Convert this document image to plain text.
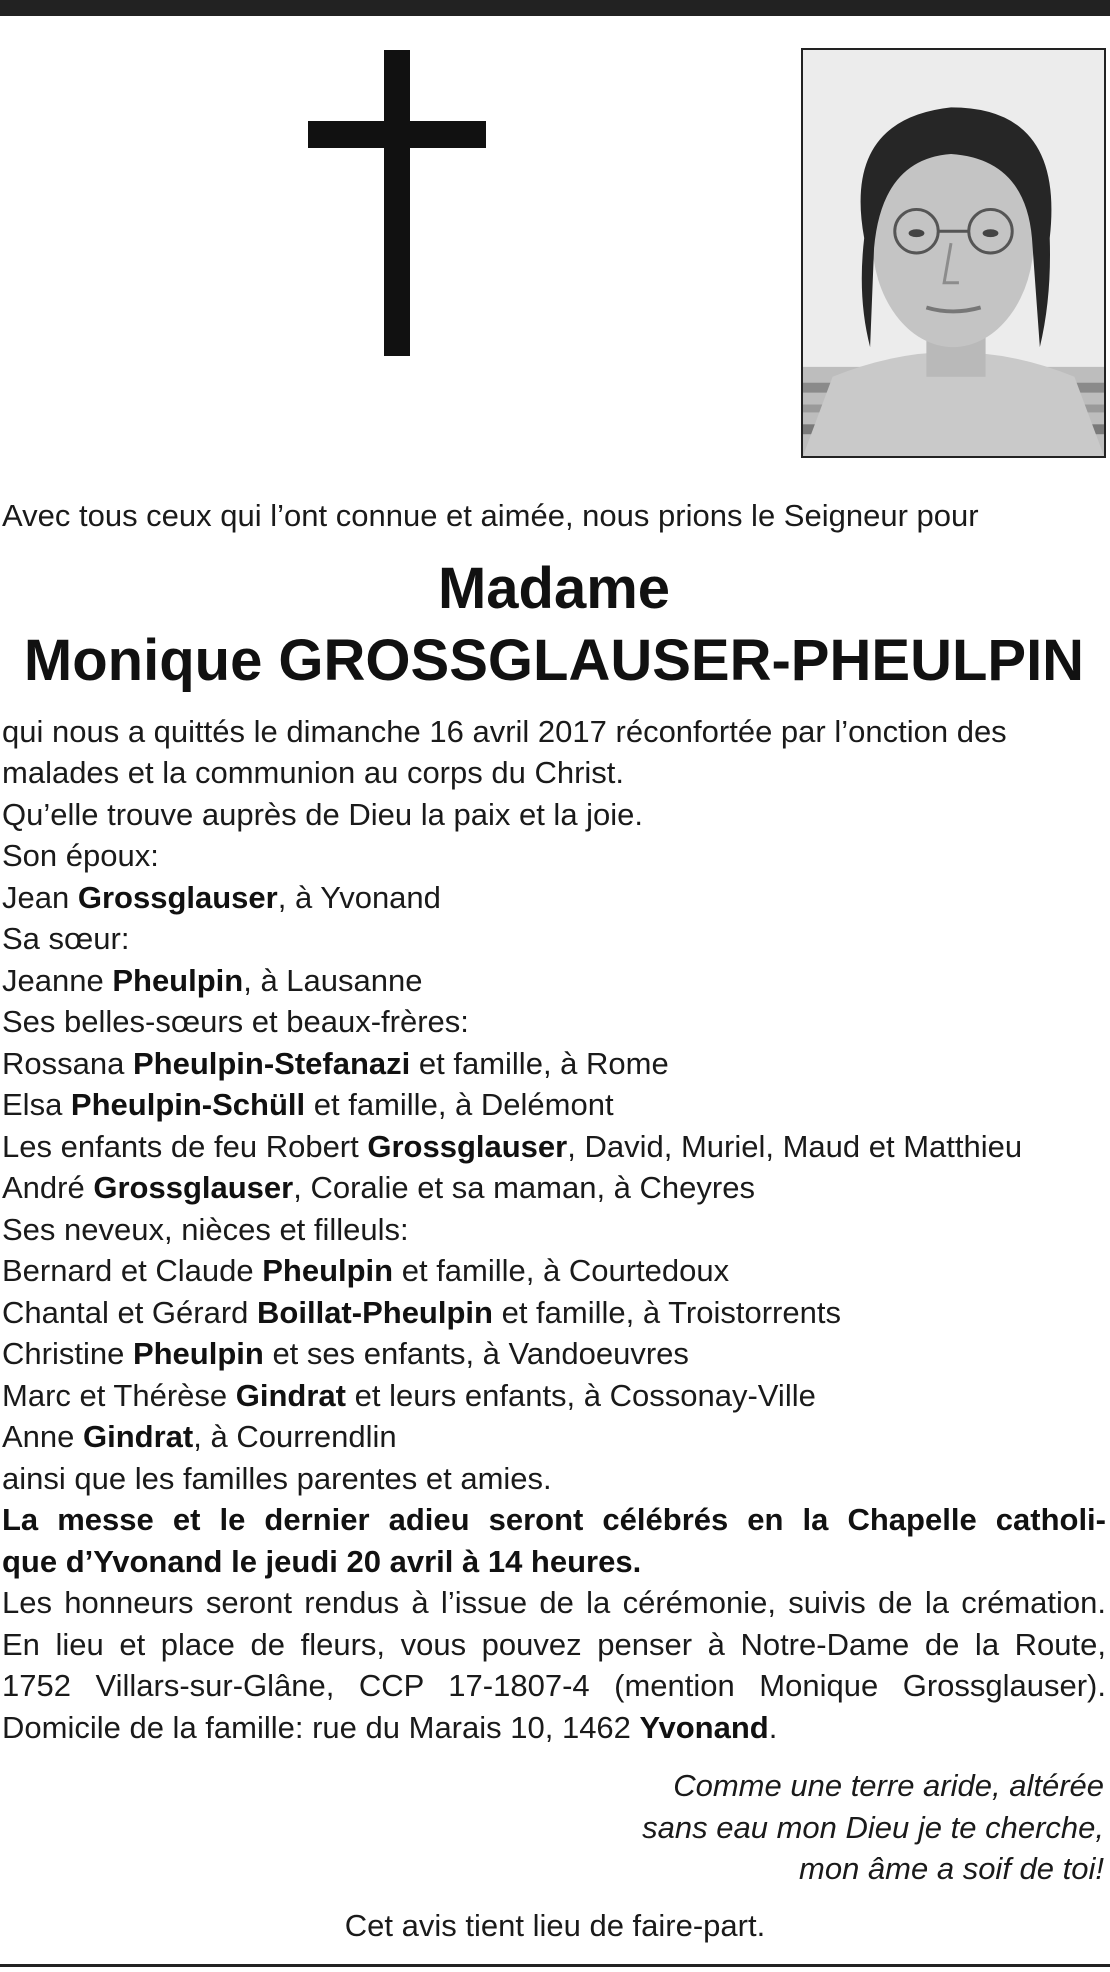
Avec tous ceux qui l’ont connue et aimée, nous prions le Seigneur pour
Madame
Monique GROSSGLAUSER-PHEULPIN
qui nous a quittés le dimanche 16 avril 2017 réconfortée par l’onction des
malades et la communion au corps du Christ.
Qu’elle trouve auprès de Dieu la paix et la joie.
Son époux:
Jean Grossglauser, à Yvonand
Sa sœur:
Jeanne Pheulpin, à Lausanne
Ses belles-sœurs et beaux-frères:
Rossana Pheulpin-Stefanazi et famille, à Rome
Elsa Pheulpin-Schüll et famille, à Delémont
Les enfants de feu Robert Grossglauser, David, Muriel, Maud et Matthieu
André Grossglauser, Coralie et sa maman, à Cheyres
Ses neveux, nièces et filleuls:
Bernard et Claude Pheulpin et famille, à Courtedoux
Chantal et Gérard Boillat-Pheulpin et famille, à Troistorrents
Christine Pheulpin et ses enfants, à Vandoeuvres
Marc et Thérèse Gindrat et leurs enfants, à Cossonay-Ville
Anne Gindrat, à Courrendlin
ainsi que les familles parentes et amies.
La messe et le dernier adieu seront célébrés en la Chapelle catholi-
que d’Yvonand le jeudi 20 avril à 14 heures.
Les honneurs seront rendus à l’issue de la cérémonie, suivis de la crémation.
En lieu et place de fleurs, vous pouvez penser à Notre-Dame de la Route,
1752 Villars-sur-Glâne, CCP 17-1807-4 (mention Monique Grossglauser).
Domicile de la famille: rue du Marais 10, 1462 Yvonand.
Comme une terre aride, altérée
sans eau mon Dieu je te cherche,
mon âme a soif de toi!
Cet avis tient lieu de faire-part.
